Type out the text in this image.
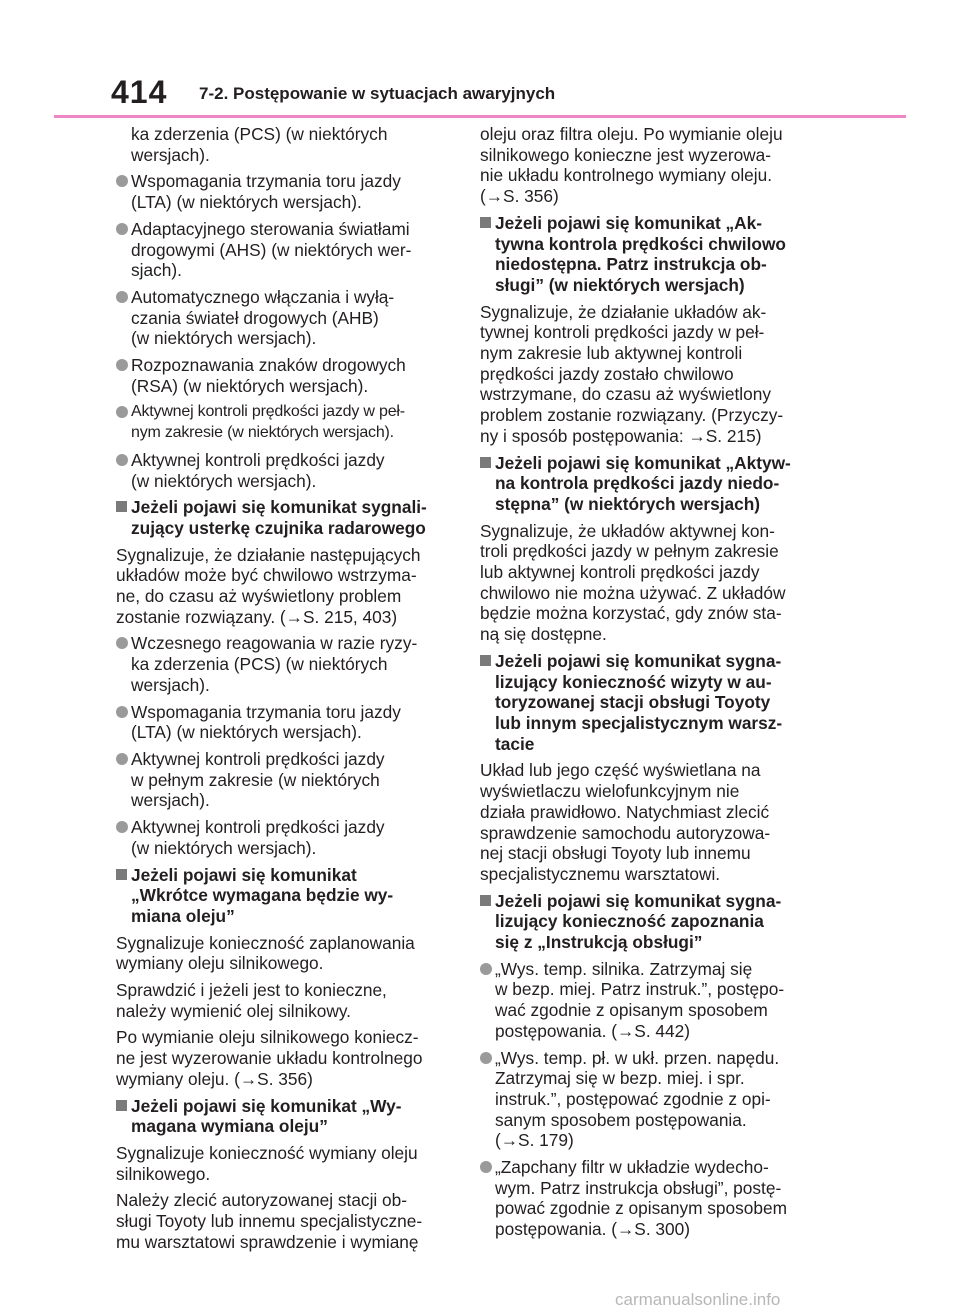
414 7-2. Postępowanie w sytuacjach awaryjnych
ka zderzenia (PCS) (w niektórych
wersjach).
Wspomagania trzymania toru jazdy
(LTA) (w niektórych wersjach).
Adaptacyjnego sterowania światłami
drogowymi (AHS) (w niektórych wer-
sjach).
Automatycznego włączania i wyłą-
czania świateł drogowych (AHB)
(w niektórych wersjach).
Rozpoznawania znaków drogowych
(RSA) (w niektórych wersjach).
Aktywnej kontroli prędkości jazdy w peł-
nym zakresie (w niektórych wersjach).
Aktywnej kontroli prędkości jazdy
(w niektórych wersjach).
Jeżeli pojawi się komunikat sygnali-
zujący usterkę czujnika radarowego
Sygnalizuje, że działanie następujących
układów może być chwilowo wstrzyma-
ne, do czasu aż wyświetlony problem
zostanie rozwiązany. (→S. 215, 403)
Wczesnego reagowania w razie ryzy-
ka zderzenia (PCS) (w niektórych
wersjach).
Wspomagania trzymania toru jazdy
(LTA) (w niektórych wersjach).
Aktywnej kontroli prędkości jazdy
w pełnym zakresie (w niektórych
wersjach).
Aktywnej kontroli prędkości jazdy
(w niektórych wersjach).
Jeżeli pojawi się komunikat
„Wkrótce wymagana będzie wy-
miana oleju”
Sygnalizuje konieczność zaplanowania
wymiany oleju silnikowego.
Sprawdzić i jeżeli jest to konieczne,
należy wymienić olej silnikowy.
Po wymianie oleju silnikowego koniecz-
ne jest wyzerowanie układu kontrolnego
wymiany oleju. (→S. 356)
Jeżeli pojawi się komunikat „Wy-
magana wymiana oleju”
Sygnalizuje konieczność wymiany oleju
silnikowego.
Należy zlecić autoryzowanej stacji ob-
sługi Toyoty lub innemu specjalistyczne-
mu warsztatowi sprawdzenie i wymianę
oleju oraz filtra oleju. Po wymianie oleju
silnikowego konieczne jest wyzerowa-
nie układu kontrolnego wymiany oleju.
(→S. 356)
Jeżeli pojawi się komunikat „Ak-
tywna kontrola prędkości chwilowo
niedostępna. Patrz instrukcja ob-
sługi” (w niektórych wersjach)
Sygnalizuje, że działanie układów ak-
tywnej kontroli prędkości jazdy w peł-
nym zakresie lub aktywnej kontroli
prędkości jazdy zostało chwilowo
wstrzymane, do czasu aż wyświetlony
problem zostanie rozwiązany. (Przyczy-
ny i sposób postępowania: →S. 215)
Jeżeli pojawi się komunikat „Aktyw-
na kontrola prędkości jazdy niedo-
stępna” (w niektórych wersjach)
Sygnalizuje, że układów aktywnej kon-
troli prędkości jazdy w pełnym zakresie
lub aktywnej kontroli prędkości jazdy
chwilowo nie można używać. Z układów
będzie można korzystać, gdy znów sta-
ną się dostępne.
Jeżeli pojawi się komunikat sygna-
lizujący konieczność wizyty w au-
toryzowanej stacji obsługi Toyoty
lub innym specjalistycznym warsz-
tacie
Układ lub jego część wyświetlana na
wyświetlaczu wielofunkcyjnym nie
działa prawidłowo. Natychmiast zlecić
sprawdzenie samochodu autoryzowa-
nej stacji obsługi Toyoty lub innemu
specjalistycznemu warsztatowi.
Jeżeli pojawi się komunikat sygna-
lizujący konieczność zapoznania
się z „Instrukcją obsługi”
„Wys. temp. silnika. Zatrzymaj się
w bezp. miej. Patrz instruk.”, postępo-
wać zgodnie z opisanym sposobem
postępowania. (→S. 442)
„Wys. temp. pł. w ukł. przen. napędu.
Zatrzymaj się w bezp. miej. i spr.
instruk.”, postępować zgodnie z opi-
sanym sposobem postępowania.
(→S. 179)
„Zapchany filtr w układzie wydecho-
wym. Patrz instrukcja obsługi”, postę-
pować zgodnie z opisanym sposobem
postępowania. (→S. 300)
carmanualsonline.info
